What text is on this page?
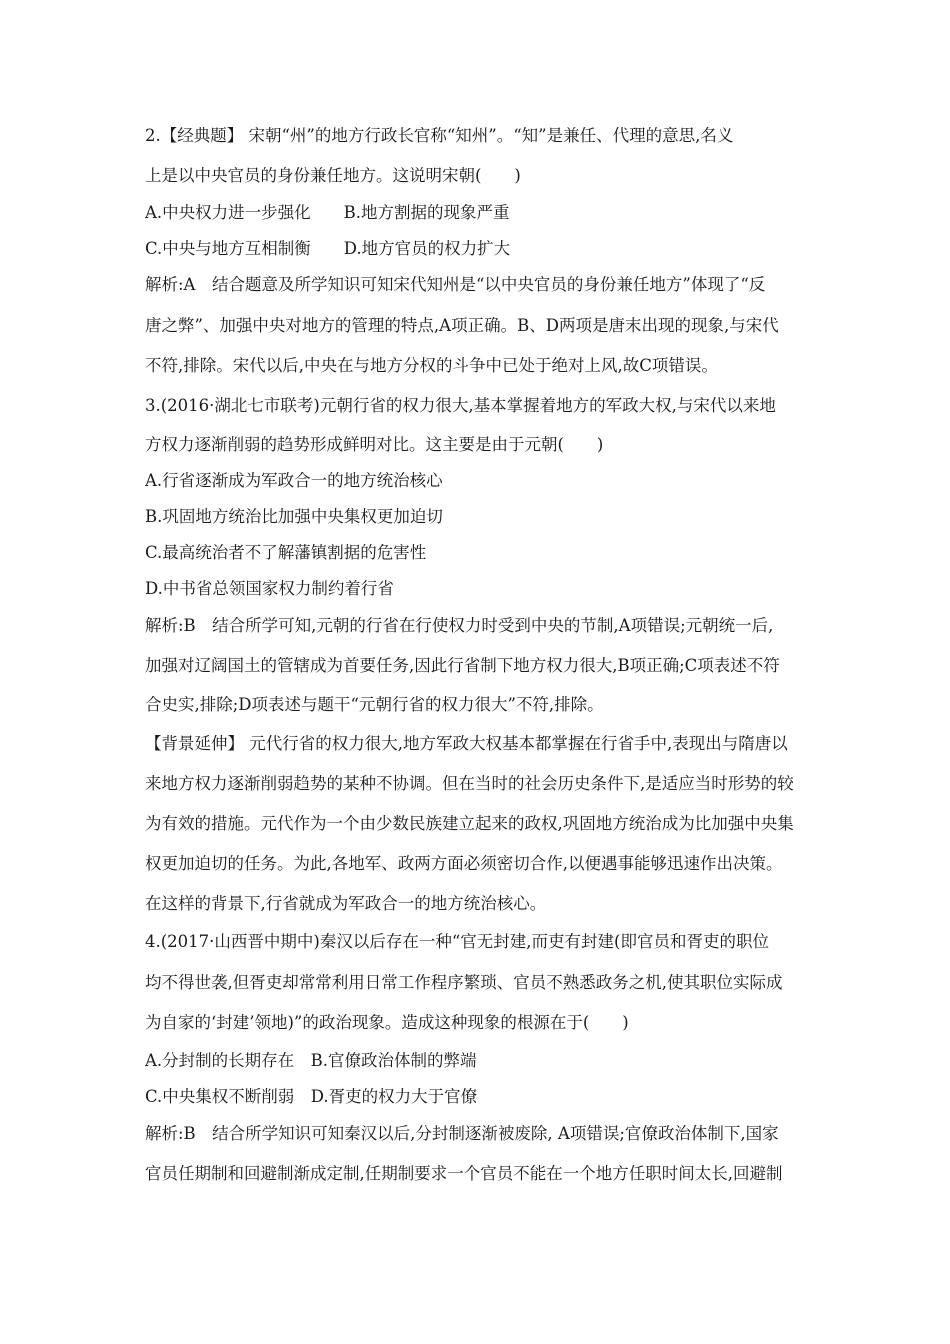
2.【经典题】 宋朝“州”的地方行政长官称“知州”。“知”是兼任、代理的意思,名义
上是以中央官员的身份兼任地方。这说明宋朝(　　)
A.中央权力进一步强化　　B.地方割据的现象严重
C.中央与地方互相制衡　　D.地方官员的权力扩大
解析:A　结合题意及所学知识可知宋代知州是“以中央官员的身份兼任地方”体现了“反
唐之弊”、加强中央对地方的管理的特点,A项正确。B、D两项是唐末出现的现象,与宋代
不符,排除。宋代以后,中央在与地方分权的斗争中已处于绝对上风,故C项错误。
3.(2016·湖北七市联考)元朝行省的权力很大,基本掌握着地方的军政大权,与宋代以来地
方权力逐渐削弱的趋势形成鲜明对比。这主要是由于元朝(　　)
A.行省逐渐成为军政合一的地方统治核心
B.巩固地方统治比加强中央集权更加迫切
C.最高统治者不了解藩镇割据的危害性
D.中书省总领国家权力制约着行省
解析:B　结合所学可知,元朝的行省在行使权力时受到中央的节制,A项错误;元朝统一后,
加强对辽阔国土的管辖成为首要任务,因此行省制下地方权力很大,B项正确;C项表述不符
合史实,排除;D项表述与题干“元朝行省的权力很大”不符,排除。
【背景延伸】 元代行省的权力很大,地方军政大权基本都掌握在行省手中,表现出与隋唐以
来地方权力逐渐削弱趋势的某种不协调。但在当时的社会历史条件下,是适应当时形势的较
为有效的措施。元代作为一个由少数民族建立起来的政权,巩固地方统治成为比加强中央集
权更加迫切的任务。为此,各地军、政两方面必须密切合作,以便遇事能够迅速作出决策。
在这样的背景下,行省就成为军政合一的地方统治核心。
4.(2017·山西晋中期中)秦汉以后存在一种“官无封建,而吏有封建(即官员和胥吏的职位
均不得世袭,但胥吏却常常利用日常工作程序繁琐、官员不熟悉政务之机,使其职位实际成
为自家的‘封建’领地)”的政治现象。造成这种现象的根源在于(　　)
A.分封制的长期存在　B.官僚政治体制的弊端
C.中央集权不断削弱　D.胥吏的权力大于官僚
解析:B　结合所学知识可知秦汉以后,分封制逐渐被废除, A项错误;官僚政治体制下,国家
官员任期制和回避制渐成定制,任期制要求一个官员不能在一个地方任职时间太长,回避制
